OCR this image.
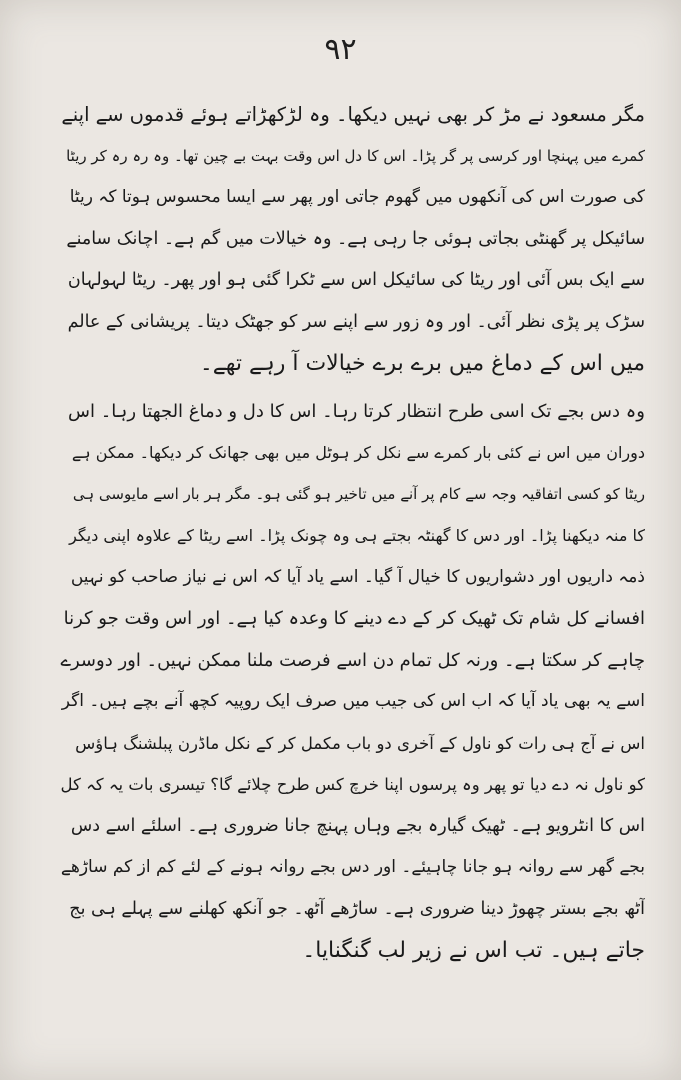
۹۲
مگر مسعود نے مڑ کر بھی نہیں دیکھا۔ وہ لڑکھڑاتے ہوئے قدموں سے اپنے
کمرے میں پہنچا اور کرسی پر گر پڑا۔ اس کا دل اس وقت بہت بے چین تھا۔ وہ رہ رہ کر ریٹا
کی صورت اس کی آنکھوں میں گھوم جاتی اور پھر سے ایسا محسوس ہوتا کہ ریٹا
سائیکل پر گھنٹی بجاتی ہوئی جا رہی ہے۔ وہ خیالات میں گم ہے۔ اچانک سامنے
سے ایک بس آئی اور ریٹا کی سائیکل اس سے ٹکرا گئی ہو اور پھر۔ ریٹا لہولہان
سڑک پر پڑی نظر آئی۔ اور وہ زور سے اپنے سر کو جھٹک دیتا۔ پریشانی کے عالم
میں اس کے دماغ میں برے برے خیالات آ رہے تھے۔
وہ دس بجے تک اسی طرح انتظار کرتا رہا۔ اس کا دل و دماغ الجھتا رہا۔ اس
دوران میں اس نے کئی بار کمرے سے نکل کر ہوٹل میں بھی جھانک کر دیکھا۔ ممکن ہے
ریٹا کو کسی اتفاقیہ وجہ سے کام پر آنے میں تاخیر ہو گئی ہو۔ مگر ہر بار اسے مایوسی ہی
کا منہ دیکھنا پڑا۔ اور دس کا گھنٹہ بجتے ہی وہ چونک پڑا۔ اسے ریٹا کے علاوہ اپنی دیگر
ذمہ داریوں اور دشواریوں کا خیال آ گیا۔ اسے یاد آیا کہ اس نے نیاز صاحب کو نہیں
افسانے کل شام تک ٹھیک کر کے دے دینے کا وعدہ کیا ہے۔ اور اس وقت جو کرنا
چاہے کر سکتا ہے۔ ورنہ کل تمام دن اسے فرصت ملنا ممکن نہیں۔ اور دوسرے
اسے یہ بھی یاد آیا کہ اب اس کی جیب میں صرف ایک روپیہ کچھ آنے بچے ہیں۔ اگر
اس نے آج ہی رات کو ناول کے آخری دو باب مکمل کر کے نکل ماڈرن پبلشنگ ہاؤس
کو ناول نہ دے دیا تو پھر وہ پرسوں اپنا خرچ کس طرح چلائے گا؟ تیسری بات یہ کہ کل
اس کا انٹرویو ہے۔ ٹھیک گیارہ بجے وہاں پہنچ جانا ضروری ہے۔ اسلئے اسے دس
بجے گھر سے روانہ ہو جانا چاہیئے۔ اور دس بجے روانہ ہونے کے لئے کم از کم ساڑھے
آٹھ بجے بستر چھوڑ دینا ضروری ہے۔ ساڑھے آٹھ۔ جو آنکھ کھلنے سے پہلے ہی بج
جاتے ہیں۔ تب اس نے زیر لب گنگنایا۔
